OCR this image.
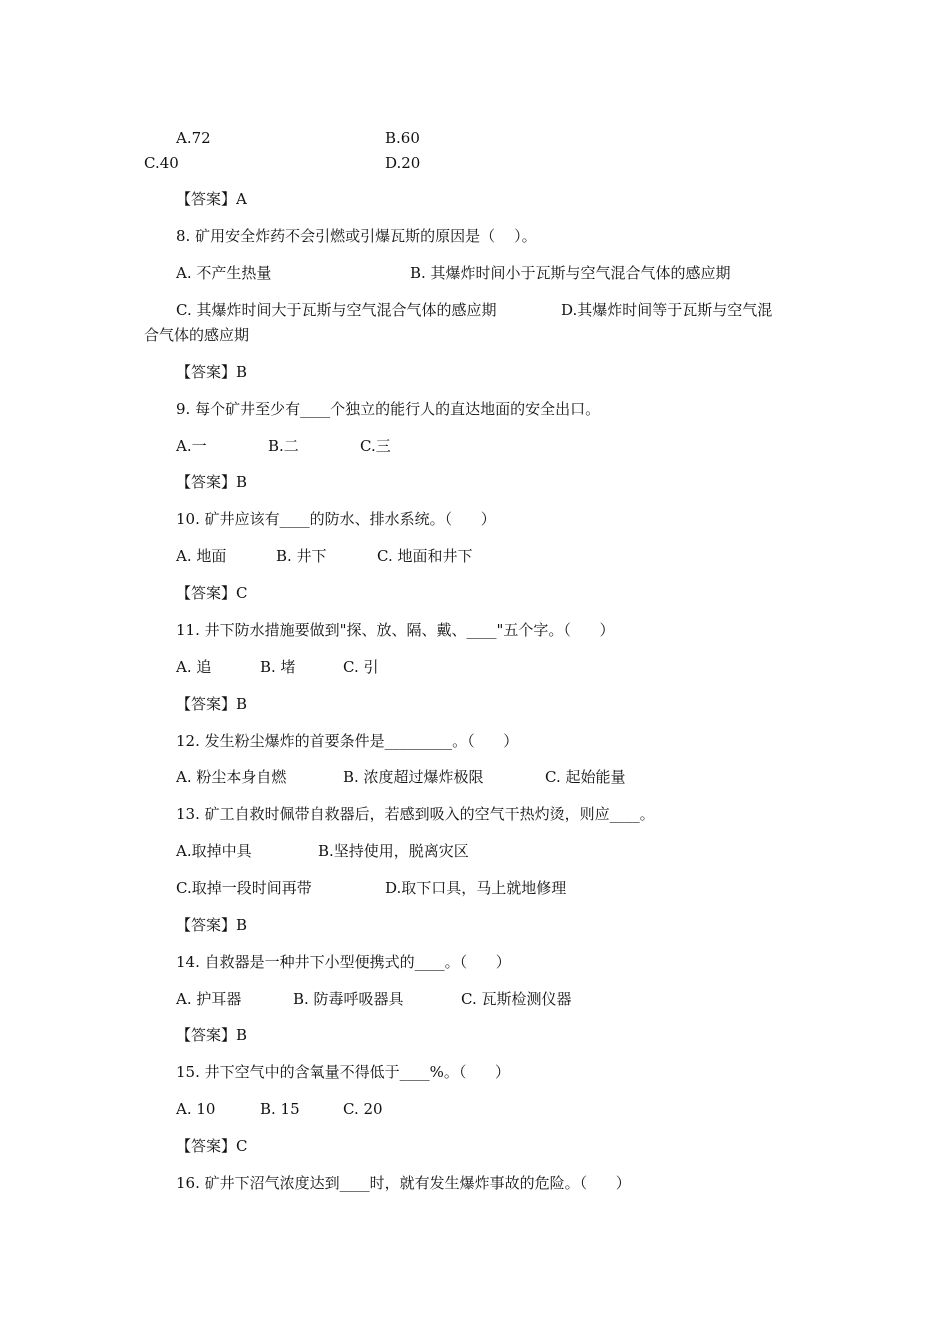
A.72	B.60
C.40	D.20
【答案】A
8. 矿用安全炸药不会引燃或引爆瓦斯的原因是（    ）。
A. 不产生热量	B. 其爆炸时间小于瓦斯与空气混合气体的感应期
C. 其爆炸时间大于瓦斯与空气混合气体的感应期	D.其爆炸时间等于瓦斯与空气混
合气体的感应期
【答案】B
9. 每个矿井至少有____个独立的能行人的直达地面的安全出口。
A.一	B.二	C.三
【答案】B
10. 矿井应该有____的防水、排水系统。（      ）
A. 地面	B. 井下	C. 地面和井下
【答案】C
11. 井下防水措施要做到"探、放、隔、戴、____"五个字。（      ）
A. 追	B. 堵	C. 引
【答案】B
12. 发生粉尘爆炸的首要条件是_________。（      ）
A. 粉尘本身自燃	B. 浓度超过爆炸极限	C. 起始能量
13. 矿工自救时佩带自救器后，若感到吸入的空气干热灼烫，则应____。
A.取掉中具	B.坚持使用，脱离灾区
C.取掉一段时间再带	D.取下口具，马上就地修理
【答案】B
14. 自救器是一种井下小型便携式的____。（      ）
A. 护耳器	B. 防毒呼吸器具	C. 瓦斯检测仪器
【答案】B
15. 井下空气中的含氧量不得低于____%。（      ）
A. 10	B. 15	C. 20
【答案】C
16. 矿井下沼气浓度达到____时，就有发生爆炸事故的危险。（      ）
